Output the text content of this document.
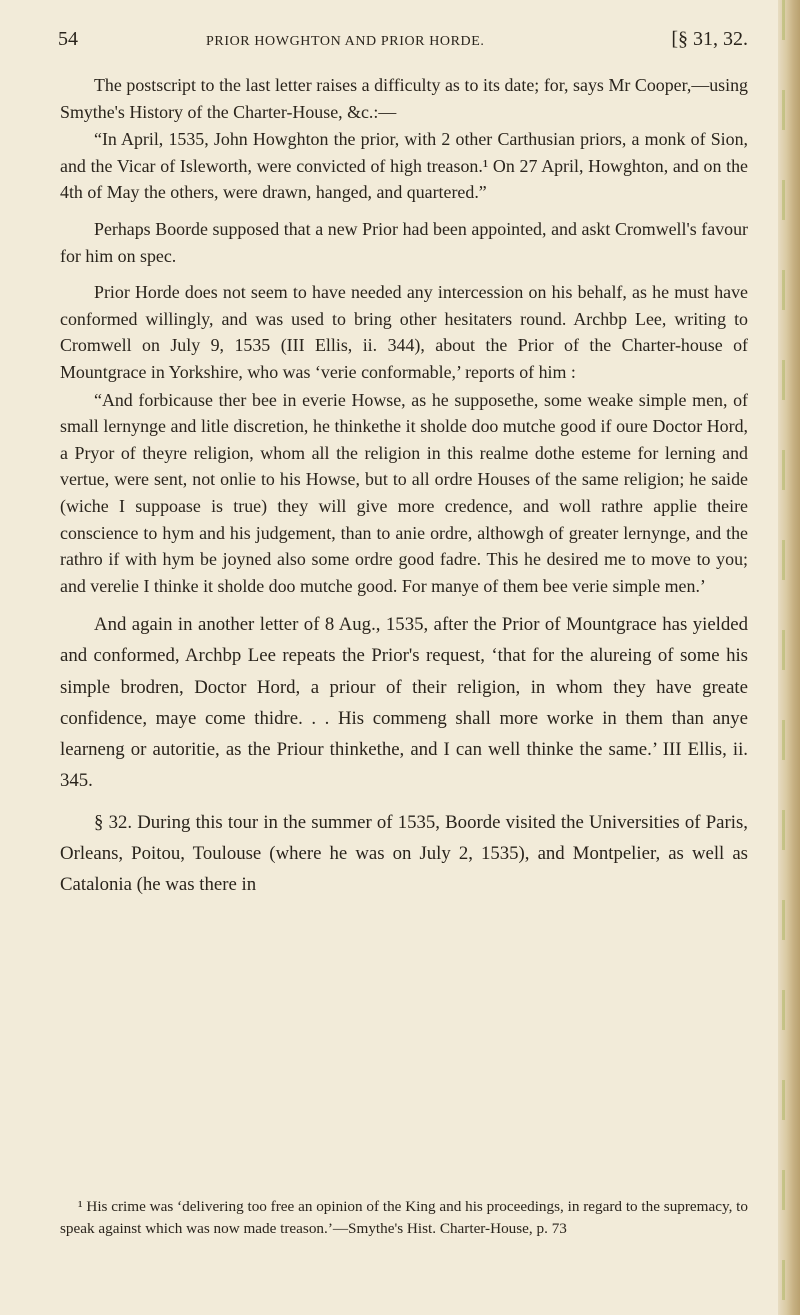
54	PRIOR HOWGHTON AND PRIOR HORDE.	[§ 31, 32.

The postscript to the last letter raises a difficulty as to its date; for, says Mr Cooper,—using Smythe's History of the Charter-House, &c.:—

“In April, 1535, John Howghton the prior, with 2 other Carthusian priors, a monk of Sion, and the Vicar of Isleworth, were convicted of high treason.¹ On 27 April, Howghton, and on the 4th of May the others, were drawn, hanged, and quartered.”

Perhaps Boorde supposed that a new Prior had been appointed, and askt Cromwell's favour for him on spec.

Prior Horde does not seem to have needed any intercession on his behalf, as he must have conformed willingly, and was used to bring other hesitaters round. Archbp Lee, writing to Cromwell on July 9, 1535 (III Ellis, ii. 344), about the Prior of the Charter-house of Mountgrace in Yorkshire, who was ‘verie conformable,’ reports of him :

“And forbicause ther bee in everie Howse, as he supposethe, some weake simple men, of small lernynge and litle discretion, he thinkethe it sholde doo mutche good if oure Doctor Hord, a Pryor of theyre religion, whom all the religion in this realme dothe esteme for lerning and vertue, were sent, not onlie to his Howse, but to all ordre Houses of the same religion; he saide (wiche I suppoase is true) they will give more credence, and woll rathre applie theire conscience to hym and his judgement, than to anie ordre, althowgh of greater lernynge, and the rathro if with hym be joyned also some ordre good fadre. This he desired me to move to you; and verelie I thinke it sholde doo mutche good. For manye of them bee verie simple men.’

And again in another letter of 8 Aug., 1535, after the Prior of Mountgrace has yielded and conformed, Archbp Lee repeats the Prior's request, ‘that for the alureing of some his simple brodren, Doctor Hord, a priour of their religion, in whom they have greate confidence, maye come thidre. . . His commeng shall more worke in them than anye learneng or autoritie, as the Priour thinkethe, and I can well thinke the same.’ III Ellis, ii. 345.

§ 32. During this tour in the summer of 1535, Boorde visited the Universities of Paris, Orleans, Poitou, Toulouse (where he was on July 2, 1535), and Montpelier, as well as Catalonia (he was there in

¹ His crime was ‘delivering too free an opinion of the King and his proceedings, in regard to the supremacy, to speak against which was now made treason.’—Smythe's Hist. Charter-House, p. 73
